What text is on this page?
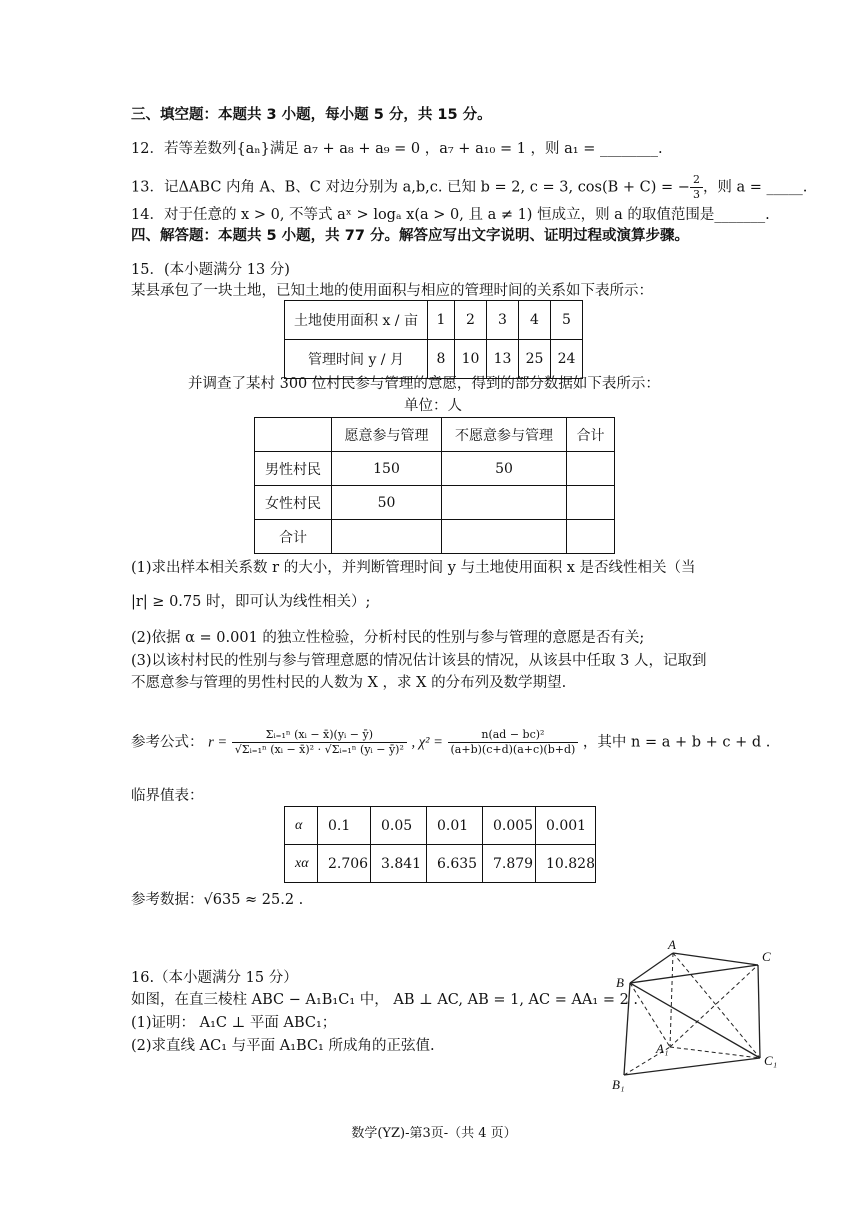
三、填空题：本题共 3 小题，每小题 5 分，共 15 分。
12．若等差数列{aₙ}满足 a₇ + a₈ + a₉ = 0 ，a₇ + a₁₀ = 1 ，则 a₁ = ________.
13．记ΔABC 内角 A、B、C 对边分别为 a,b,c. 已知 b = 2, c = 3, cos(B + C) = − $\frac{2}{3}$ ，则 a = _____.
14．对于任意的 x > 0, 不等式 aˣ > logₐ x(a > 0, 且 a ≠ 1) 恒成立，则 a 的取值范围是_______.
四、解答题：本题共 5 小题，共 77 分。解答应写出文字说明、证明过程或演算步骤。
15．(本小题满分 13 分)
某县承包了一块土地，已知土地的使用面积与相应的管理时间的关系如下表所示：
土地使用面积 x / 亩	1	2	3	4	5
管理时间 y / 月	8	10	13	25	24
并调查了某村 300 位村民参与管理的意愿，得到的部分数据如下表所示：
单位：人
	愿意参与管理	不愿意参与管理	合计
男性村民	150	50	
女性村民	50		
合计			
(1)求出样本相关系数 r 的大小，并判断管理时间 y 与土地使用面积 x 是否线性相关（当
|r| ≥ 0.75 时，即可认为线性相关）;
(2)依据 α = 0.001 的独立性检验，分析村民的性别与参与管理的意愿是否有关;
(3)以该村村民的性别与参与管理意愿的情况估计该县的情况，从该县中任取 3 人，记取到
不愿意参与管理的男性村民的人数为 X ，求 X 的分布列及数学期望.
参考公式： $r = \frac{\text{Σᵢ₌₁ⁿ (xᵢ − x̄)(yᵢ − ȳ)}}{\text{√Σᵢ₌₁ⁿ (xᵢ − x̄)² · √Σᵢ₌₁ⁿ (yᵢ − ȳ)²}}$ , $\chi^2 = \frac{\text{n(ad − bc)²}}{(a+b)(c+d)(a+c)(b+d)}$ ，其中 n = a + b + c + d .
临界值表：
α	0.1	0.05	0.01	0.005	0.001
xα	2.706	3.841	6.635	7.879	10.828
参考数据：√635 ≈ 25.2 .
16.（本小题满分 15 分）
如图，在直三棱柱 ABC − A₁B₁C₁ 中， AB ⊥ AC, AB = 1, AC = AA₁ = 2 .
(1)证明： A₁C ⊥ 平面 ABC₁；
(2)求直线 AC₁ 与平面 A₁BC₁ 所成角的正弦值.
A
B
C
A₁
B₁
C₁
数学(YZ)-第3页-（共 4 页）
